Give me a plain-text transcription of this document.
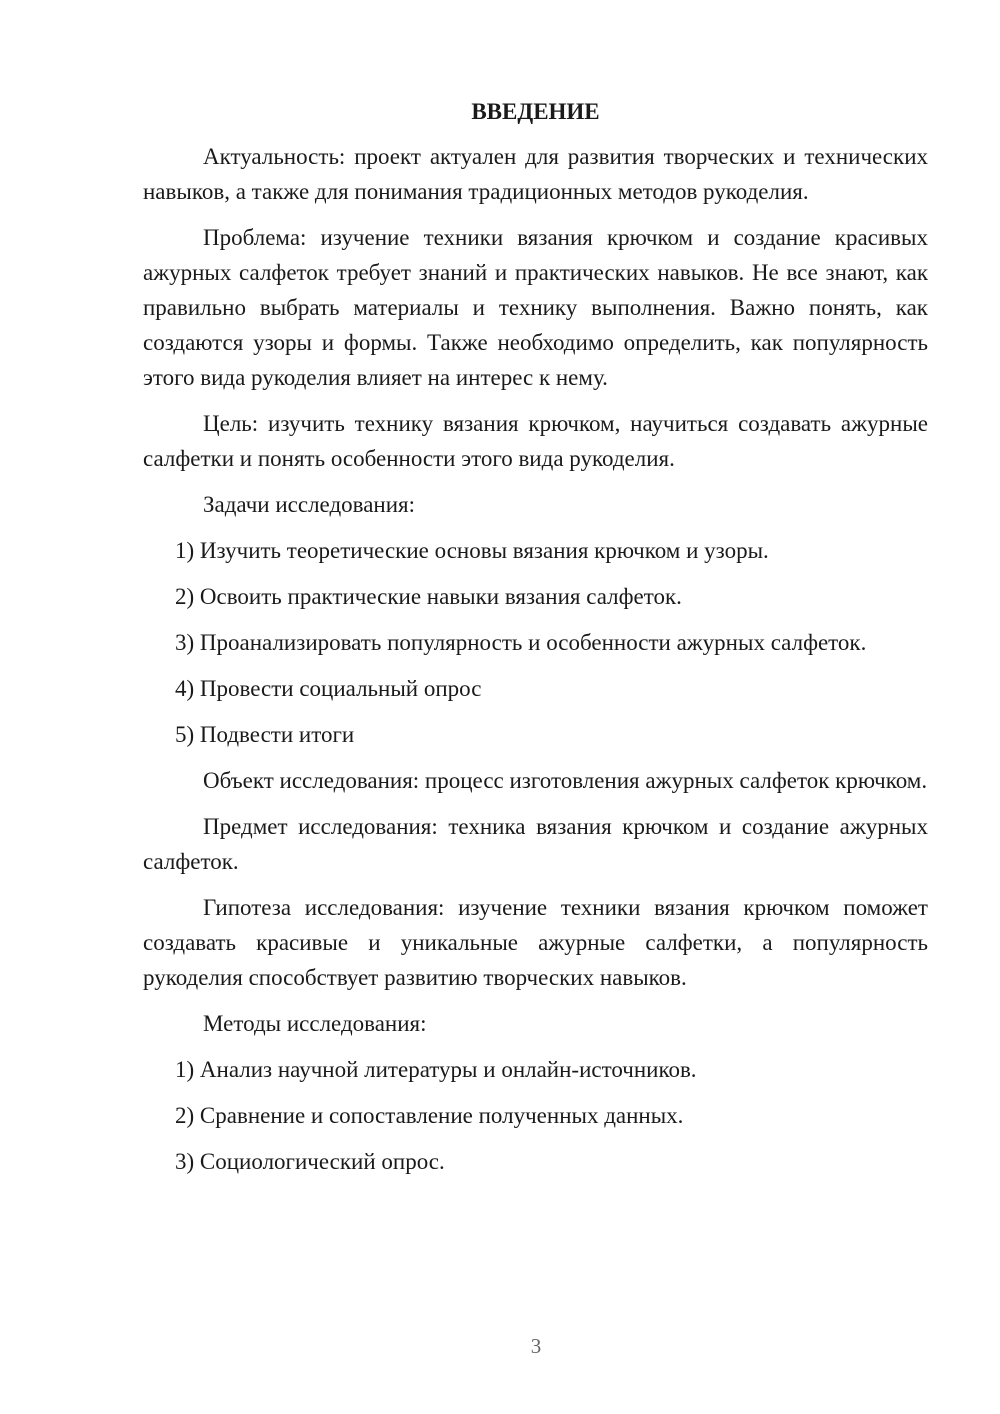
ВВЕДЕНИЕ
Актуальность: проект актуален для развития творческих и технических навыков, а также для понимания традиционных методов рукоделия.
Проблема: изучение техники вязания крючком и создание красивых ажурных салфеток требует знаний и практических навыков. Не все знают, как правильно выбрать материалы и технику выполнения. Важно понять, как создаются узоры и формы. Также необходимо определить, как популярность этого вида рукоделия влияет на интерес к нему.
Цель: изучить технику вязания крючком, научиться создавать ажурные салфетки и понять особенности этого вида рукоделия.
Задачи исследования:
1) Изучить теоретические основы вязания крючком и узоры.
2) Освоить практические навыки вязания салфеток.
3) Проанализировать популярность и особенности ажурных салфеток.
4) Провести социальный опрос
5) Подвести итоги
Объект исследования: процесс изготовления ажурных салфеток крючком.
Предмет исследования: техника вязания крючком и создание ажурных салфеток.
Гипотеза исследования: изучение техники вязания крючком поможет создавать красивые и уникальные ажурные салфетки, а популярность рукоделия способствует развитию творческих навыков.
Методы исследования:
1) Анализ научной литературы и онлайн-источников.
2) Сравнение и сопоставление полученных данных.
3) Социологический опрос.
3
